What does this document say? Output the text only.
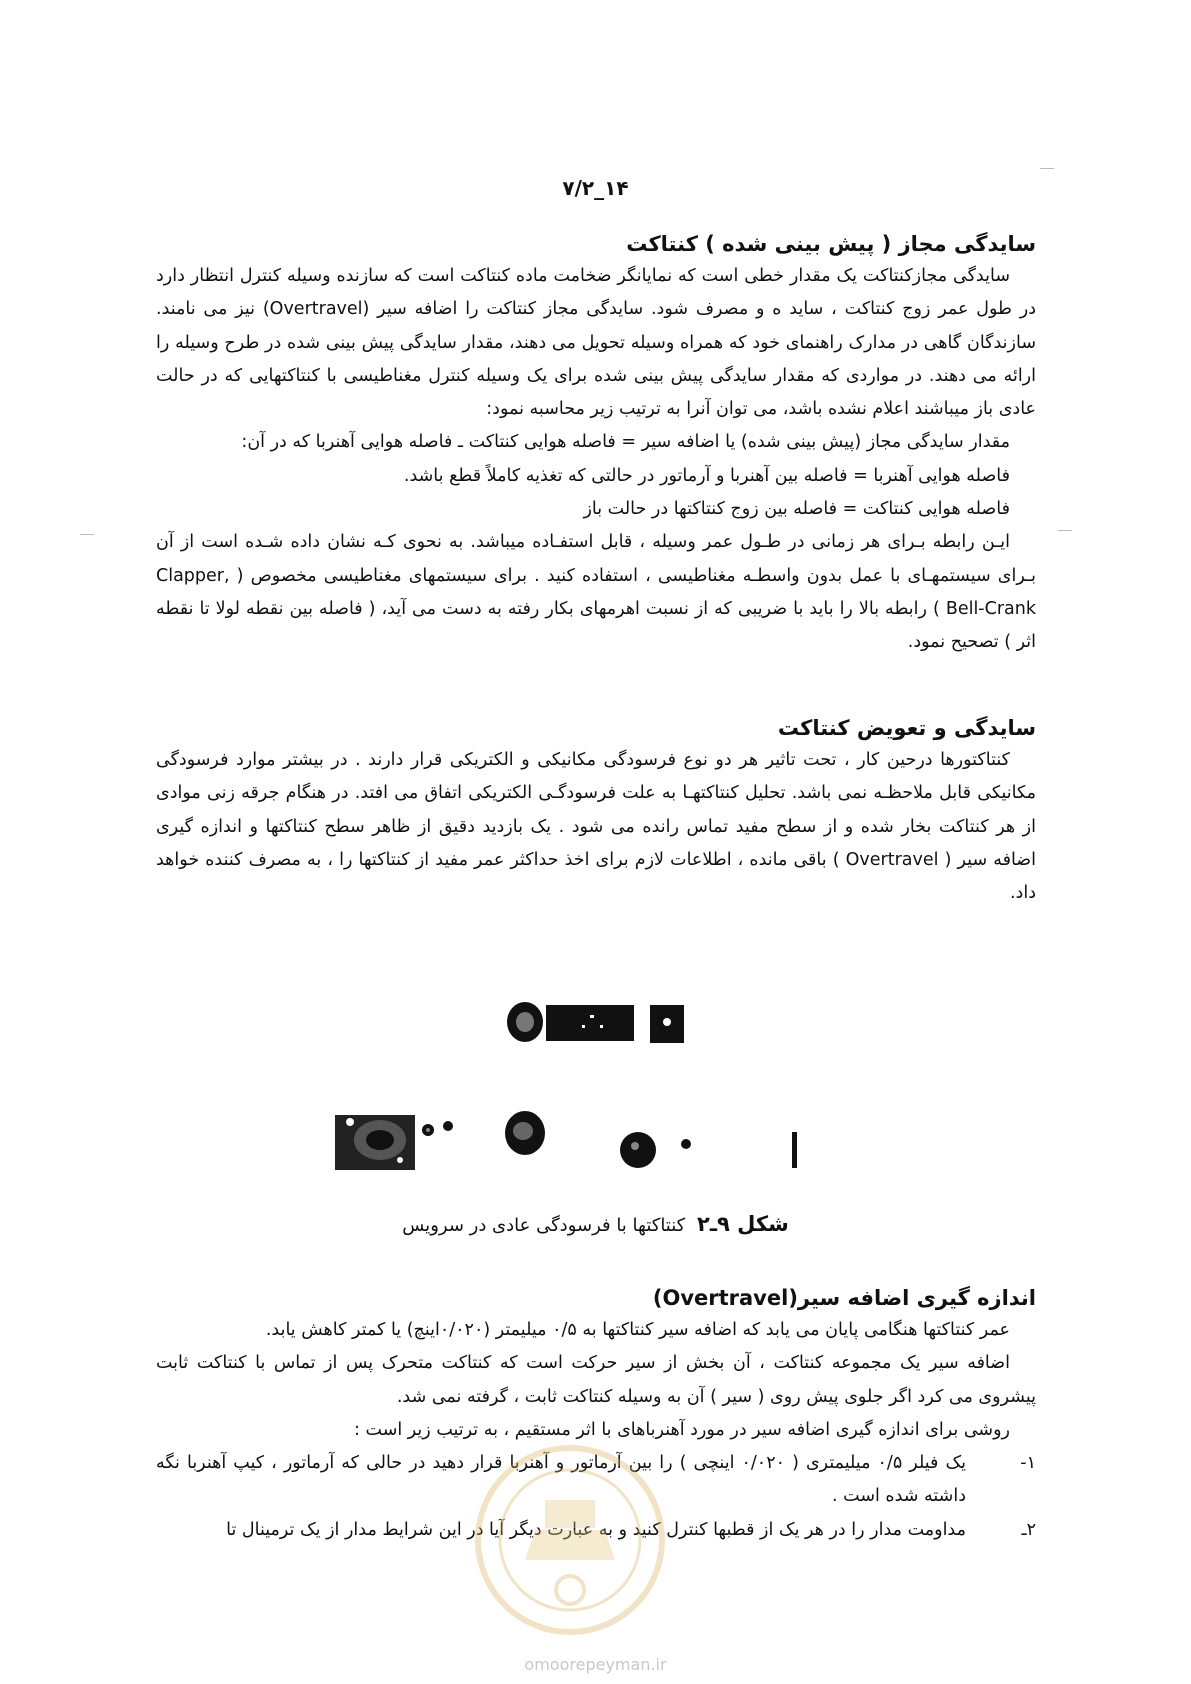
۷/۲_۱۴
سایدگی مجاز ( پیش بینی شده ) کنتاکت

سایدگی مجازکنتاکت یک مقدار خطی است که نمایانگر ضخامت ماده کنتاکت است که سازنده وسیله کنترل انتظار دارد در طول عمر زوج کنتاکت ، ساید ه و مصرف شود. سایدگی مجاز کنتاکت را اضافه سیر (Overtravel) نیز می نامند. سازندگان گاهی در مدارک راهنمای خود که همراه وسیله تحویل می دهند، مقدار سایدگی پیش بینی شده در طرح وسیله را ارائه می دهند. در مواردی که مقدار سایدگی پیش بینی شده برای یک وسیله کنترل مغناطیسی با کنتاکتهایی که در حالت عادی باز میباشند اعلام نشده باشد، می توان آنرا به ترتیب زیر محاسبه نمود:

مقدار سایدگی مجاز (پیش بینی شده) یا اضافه سیر = فاصله هوایی کنتاکت ـ فاصله هوایی آهنربا که در آن:

فاصله هوایی آهنربا = فاصله بین آهنربا و آرماتور در حالتی که تغذیه کاملاً قطع باشد.

فاصله هوایی کنتاکت = فاصله بین زوج کنتاکتها در حالت باز

ایـن رابطه بـرای هر زمانی در طـول عمر وسیله ، قابل استفـاده میباشد. به نحوی کـه نشان داده شـده است از آن بـرای سیستمهـای با عمل بدون واسطـه مغناطیسی ، استفاده کنید . برای سیستمهای مغناطیسی مخصوص ( Clapper, Bell-Crank ) رابطه بالا را باید با ضریبی که از نسبت اهرمهای بکار رفته به دست می آید، ( فاصله بین نقطه لولا تا نقطه اثر ) تصحیح نمود.

سایدگی و تعویض کنتاکت

کنتاکتورها درحین کار ، تحت تاثیر هر دو نوع فرسودگی مکانیکی و الکتریکی قرار دارند . در بیشتر موارد فرسودگی مکانیکی قابل ملاحظـه نمی باشد. تحلیل کنتاکتهـا به علت فرسودگـی الکتریکی اتفاق می افتد. در هنگام جرقه زنی موادی از هر کنتاکت بخار شده و از سطح مفید تماس رانده می شود . یک بازدید دقیق از ظاهر سطح کنتاکتها و اندازه گیری اضافه سیر ( Overtravel ) باقی مانده ، اطلاعات لازم برای اخذ حداکثر عمر مفید از کنتاکتها را ، به مصرف کننده خواهد داد.

شکل ۹ـ۲ کنتاکتها با فرسودگی عادی در سرویس
اندازه گیری اضافه سیر(Overtravel)

عمر کنتاکتها هنگامی پایان می یابد که اضافه سیر کنتاکتها به ۰/۵ میلیمتر (۰/۰۲۰اینچ) یا کمتر کاهش یابد.

اضافه سیر یک مجموعه کنتاکت ، آن بخش از سیر حرکت است که کنتاکت متحرک پس از تماس با کنتاکت ثابت پیشروی می کرد اگر جلوی پیش روی ( سیر ) آن به وسیله کنتاکت ثابت ، گرفته نمی شد.

روشی برای اندازه گیری اضافه سیر در مورد آهنرباهای با اثر مستقیم ، به ترتیب زیر است :

۱-
یک فیلر ۰/۵ میلیمتری ( ۰/۰۲۰ اینچی ) را بین آرماتور و آهنربا قرار دهید در حالی که آرماتور ، کیپ آهنربا نگه داشته شده است .
۲ـ
مداومت مدار را در هر یک از قطبها کنترل کنید و به عبارت دیگر آیا در این شرایط مدار از یک ترمینال تا
omoorepeyman.ir
